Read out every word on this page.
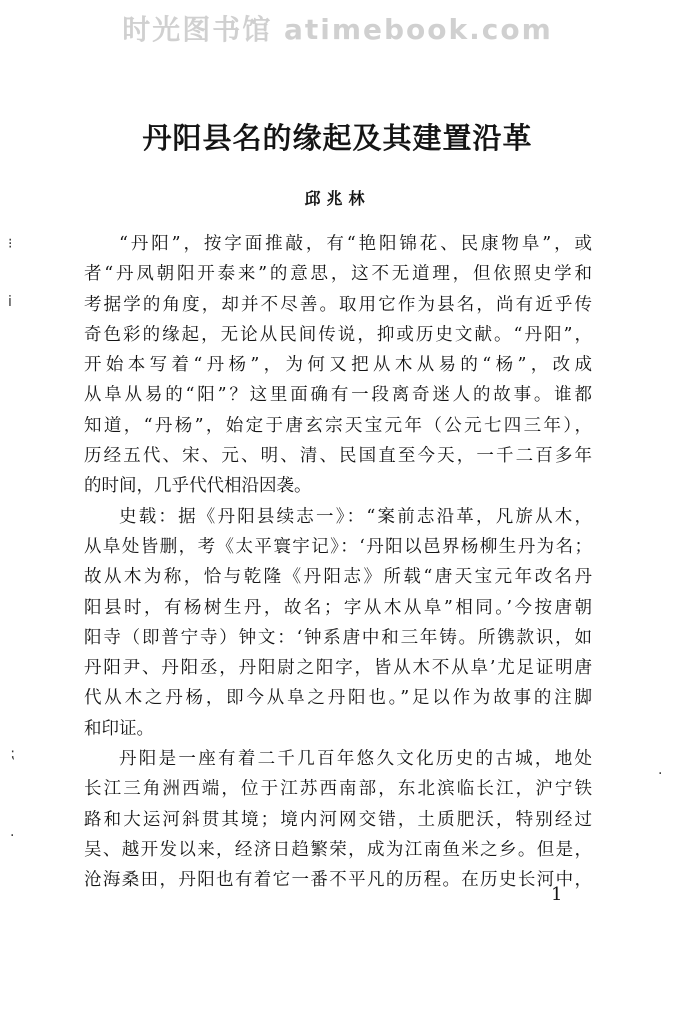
时光图书馆 atimebook.com
⁝
ⅰ
⁏
·
·
丹阳县名的缘起及其建置沿革
邱兆林
“丹阳”，按字面推敲，有“艳阳锦花、民康物阜”，或
者“丹凤朝阳开泰来”的意思，这不无道理，但依照史学和
考据学的角度，却并不尽善。取用它作为县名，尚有近乎传
奇色彩的缘起，无论从民间传说，抑或历史文献。“丹阳”，
开始本写着“丹杨”，为何又把从木从易的“杨”，改成
从阜从易的“阳”？这里面确有一段离奇迷人的故事。谁都
知道，“丹杨”，始定于唐玄宗天宝元年（公元七四三年），
历经五代、宋、元、明、清、民国直至今天，一千二百多年
的时间，几乎代代相沿因袭。
史载：据《丹阳县续志一》：“案前志沿革，凡旂从木，
从阜处皆删，考《太平寰宇记》：‘丹阳以邑界杨柳生丹为名；
故从木为称，恰与乾隆《丹阳志》所载“唐天宝元年改名丹
阳县时，有杨树生丹，故名；字从木从阜”相同。’今按唐朝
阳寺（即普宁寺）钟文：‘钟系唐中和三年铸。所镌款识，如
丹阳尹、丹阳丞，丹阳尉之阳字，皆从木不从阜’尤足证明唐
代从木之丹杨，即今从阜之丹阳也。”足以作为故事的注脚
和印证。
丹阳是一座有着二千几百年悠久文化历史的古城，地处
长江三角洲西端，位于江苏西南部，东北滨临长江，沪宁铁
路和大运河斜贯其境；境内河网交错，土质肥沃，特别经过
吴、越开发以来，经济日趋繁荣，成为江南鱼米之乡。但是，
沧海桑田，丹阳也有着它一番不平凡的历程。在历史长河中，
1
